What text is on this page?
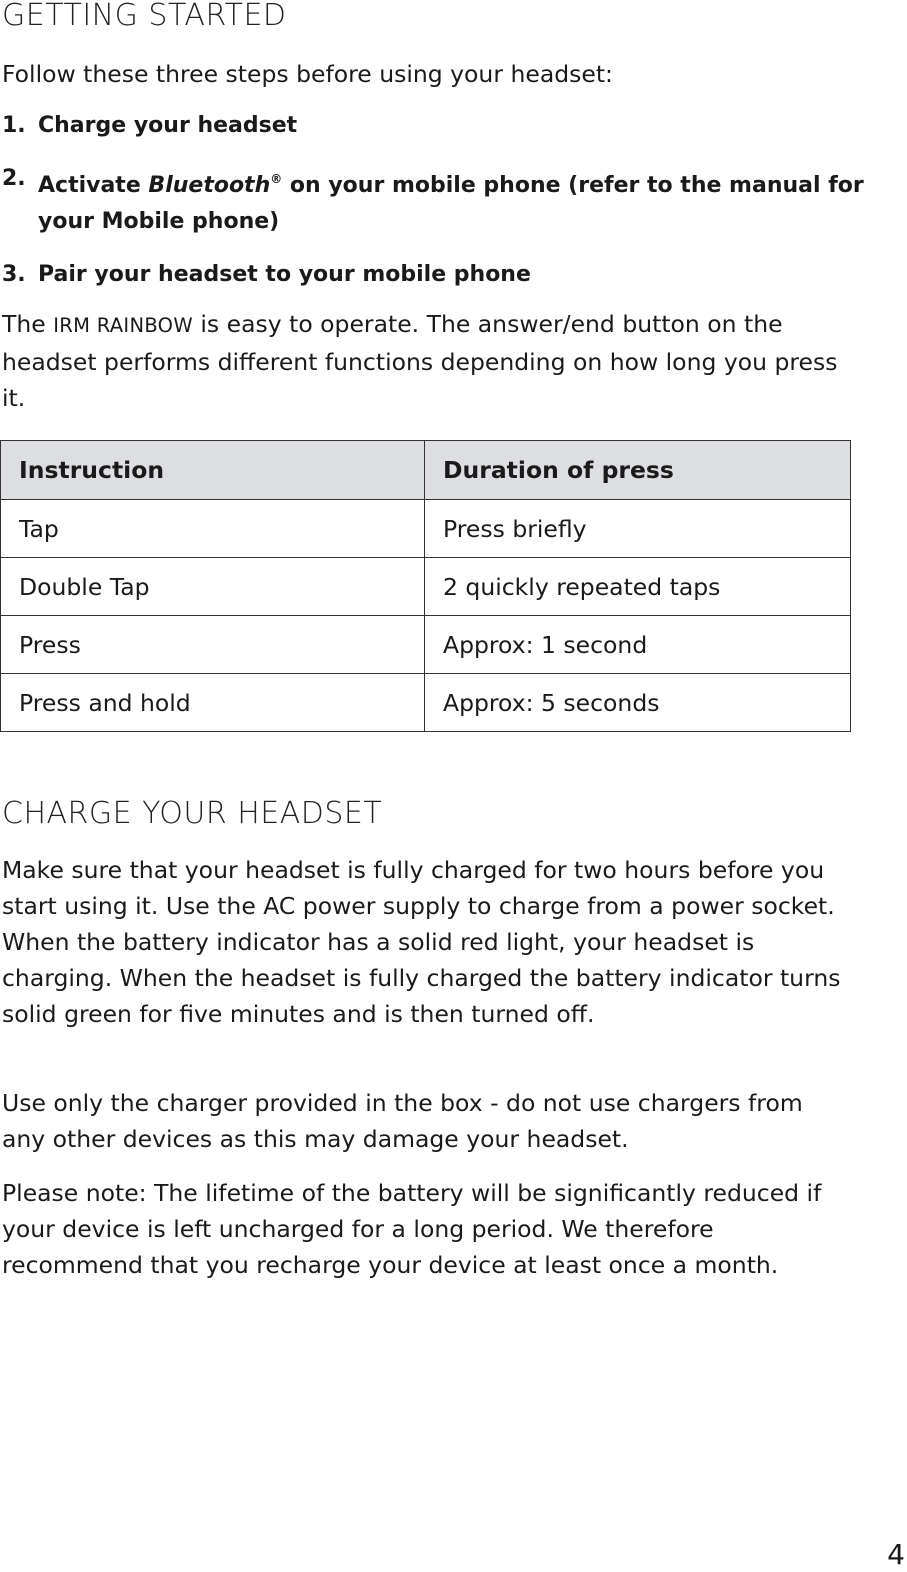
GETTING STARTED

Follow these three steps before using your headset:

1. Charge your headset
2. Activate Bluetooth® on your mobile phone (refer to the manual for your Mobile phone)
3. Pair your headset to your mobile phone

The IRM RAINBOW is easy to operate. The answer/end button on the headset performs different functions depending on how long you press it.

Instruction	Duration of press
Tap	Press briefly
Double Tap	2 quickly repeated taps
Press	Approx: 1 second
Press and hold	Approx: 5 seconds
CHARGE YOUR HEADSET

Make sure that your headset is fully charged for two hours before you start using it. Use the AC power supply to charge from a power socket. When the battery indicator has a solid red light, your headset is charging. When the headset is fully charged the battery indicator turns solid green for five minutes and is then turned off.

Use only the charger provided in the box - do not use chargers from any other devices as this may damage your headset.

Please note: The lifetime of the battery will be significantly reduced if your device is left uncharged for a long period. We therefore recommend that you recharge your device at least once a month.

4
